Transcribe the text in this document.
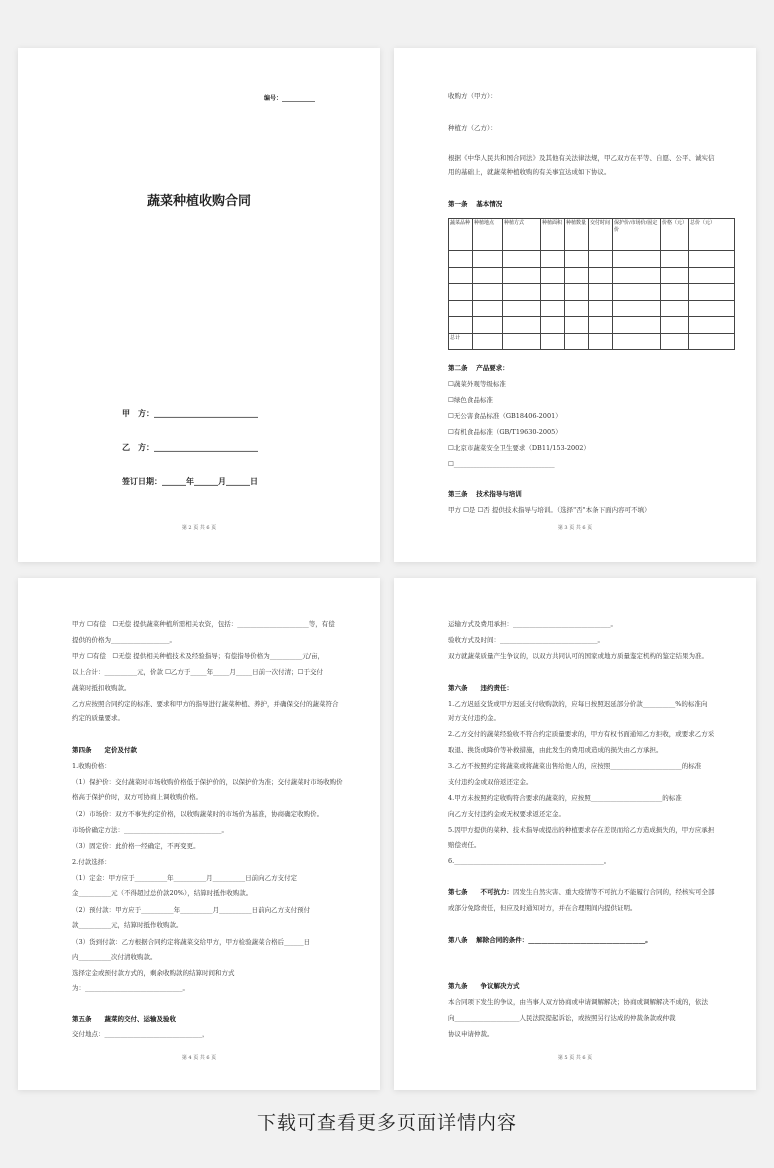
编号：___________
蔬菜种植收购合同
甲　方：__________________________
乙　方：__________________________
签订日期：______年______月______日
第 2 页 共 6 页
收购方（甲方）：
种植方（乙方）：
根据《中华人民共和国合同法》及其他有关法律法规，甲乙双方在平等、自愿、公平、诚实信
用的基础上，就蔬菜种植收购的有关事宜达成如下协议。
第一条　 基本情况
蔬菜品种	种植地点	种植方式	种植面积	种植数量	交付时间	保护价/市场价/固定价	价格（元）	总价（元）

总计								
第二条　 产品要求：
☐蔬菜外观等级标准
☐绿色食品标准
☐无公害食品标准（GB18406-2001）
☐有机食品标准（GB/T19630-2005）
☐北京市蔬菜安全卫生要求（DB11/153-2002）
☐_______________________________
第三条　 技术指导与培训
甲方 ☐是 ☐否 提供技术指导与培训。（选择"否"本条下面内容可不填）
第 3 页 共 6 页
甲方 ☐有偿　☐无偿 提供蔬菜种植所需相关农资，包括：______________________等，有偿
提供的价格为__________________。
甲方 ☐有偿　☐无偿 提供相关种植技术及经验指导；有偿指导价格为__________元/亩，
以上合计：__________元，价款 ☐乙方于_____年_____月_____日前一次付清；☐于交付
蔬菜时抵扣收购款。
乙方应按照合同约定的标准、要求和甲方的指导进行蔬菜种植、养护，并确保交付的蔬菜符合
约定的质量要求。
第四条　　定价及付款
1.收购价格：
（1）保护价：交付蔬菜时市场收购价格低于保护价的，以保护价为准；交付蔬菜时市场收购价
格高于保护价时，双方可协商上调收购价格。
（2）市场价：双方不事先约定价格，以收购蔬菜时的市场价为基准，协商确定收购价。
市场价确定方法：______________________________。
（3）固定价：此价格一经确定，不再变更。
2.付款选择：
（1）定金：甲方应于__________年__________月__________日前向乙方支付定
金__________元（不得超过总价款20%），结算时抵作收购款。
（2）预付款：甲方应于__________年__________月__________日前向乙方支付预付
款__________元，结算时抵作收购款。
（3）货到付款：乙方根据合同约定将蔬菜交给甲方，甲方检验蔬菜合格后______日
内__________次付清收购款。
选择定金或预付款方式的，剩余收购款的结算时间和方式
为：______________________________。
第五条　　蔬菜的交付、运输及验收
交付地点：______________________________，
第 4 页 共 6 页
运输方式及费用承担：______________________________。
验收方式及时间：______________________________。
双方就蔬菜质量产生争议的，以双方共同认可的国家或地方质量鉴定机构的鉴定结果为准。
第六条　　违约责任：
1.乙方迟延交货或甲方迟延支付收购款的，应每日按照迟延部分价款__________%的标准向
对方支付违约金。
2.乙方交付的蔬菜经验收不符合约定质量要求的，甲方有权书面通知乙方拒收，或要求乙方采
取退、换货或降价等补救措施，由此发生的费用或造成的损失由乙方承担。
3.乙方不按照约定将蔬菜或将蔬菜出售给他人的，应按照______________________的标准
支付违约金或双倍返还定金。
4.甲方未按照约定收购符合要求的蔬菜的，应按照______________________的标准
向乙方支付违约金或无权要求返还定金。
5.因甲方提供的菜种、技术指导或提出的种植要求存在差误而给乙方造成损失的，甲方应承担
赔偿责任。
6.______________________________________________。
第七条　　不可抗力：因发生自然灾害、重大疫情等不可抗力不能履行合同的，经核实可全部
或部分免除责任，但应及时通知对方，并在合理期间内提供证明。
第八条　 解除合同的条件：____________________________________。
第九条　　争议解决方式
本合同项下发生的争议，由当事人双方协商或申请调解解决；协商或调解解决不成的，依法
向____________________人民法院提起诉讼，或按照另行达成的仲裁条款或仲裁
协议申请仲裁。
第 5 页 共 6 页
下载可查看更多页面详情内容
